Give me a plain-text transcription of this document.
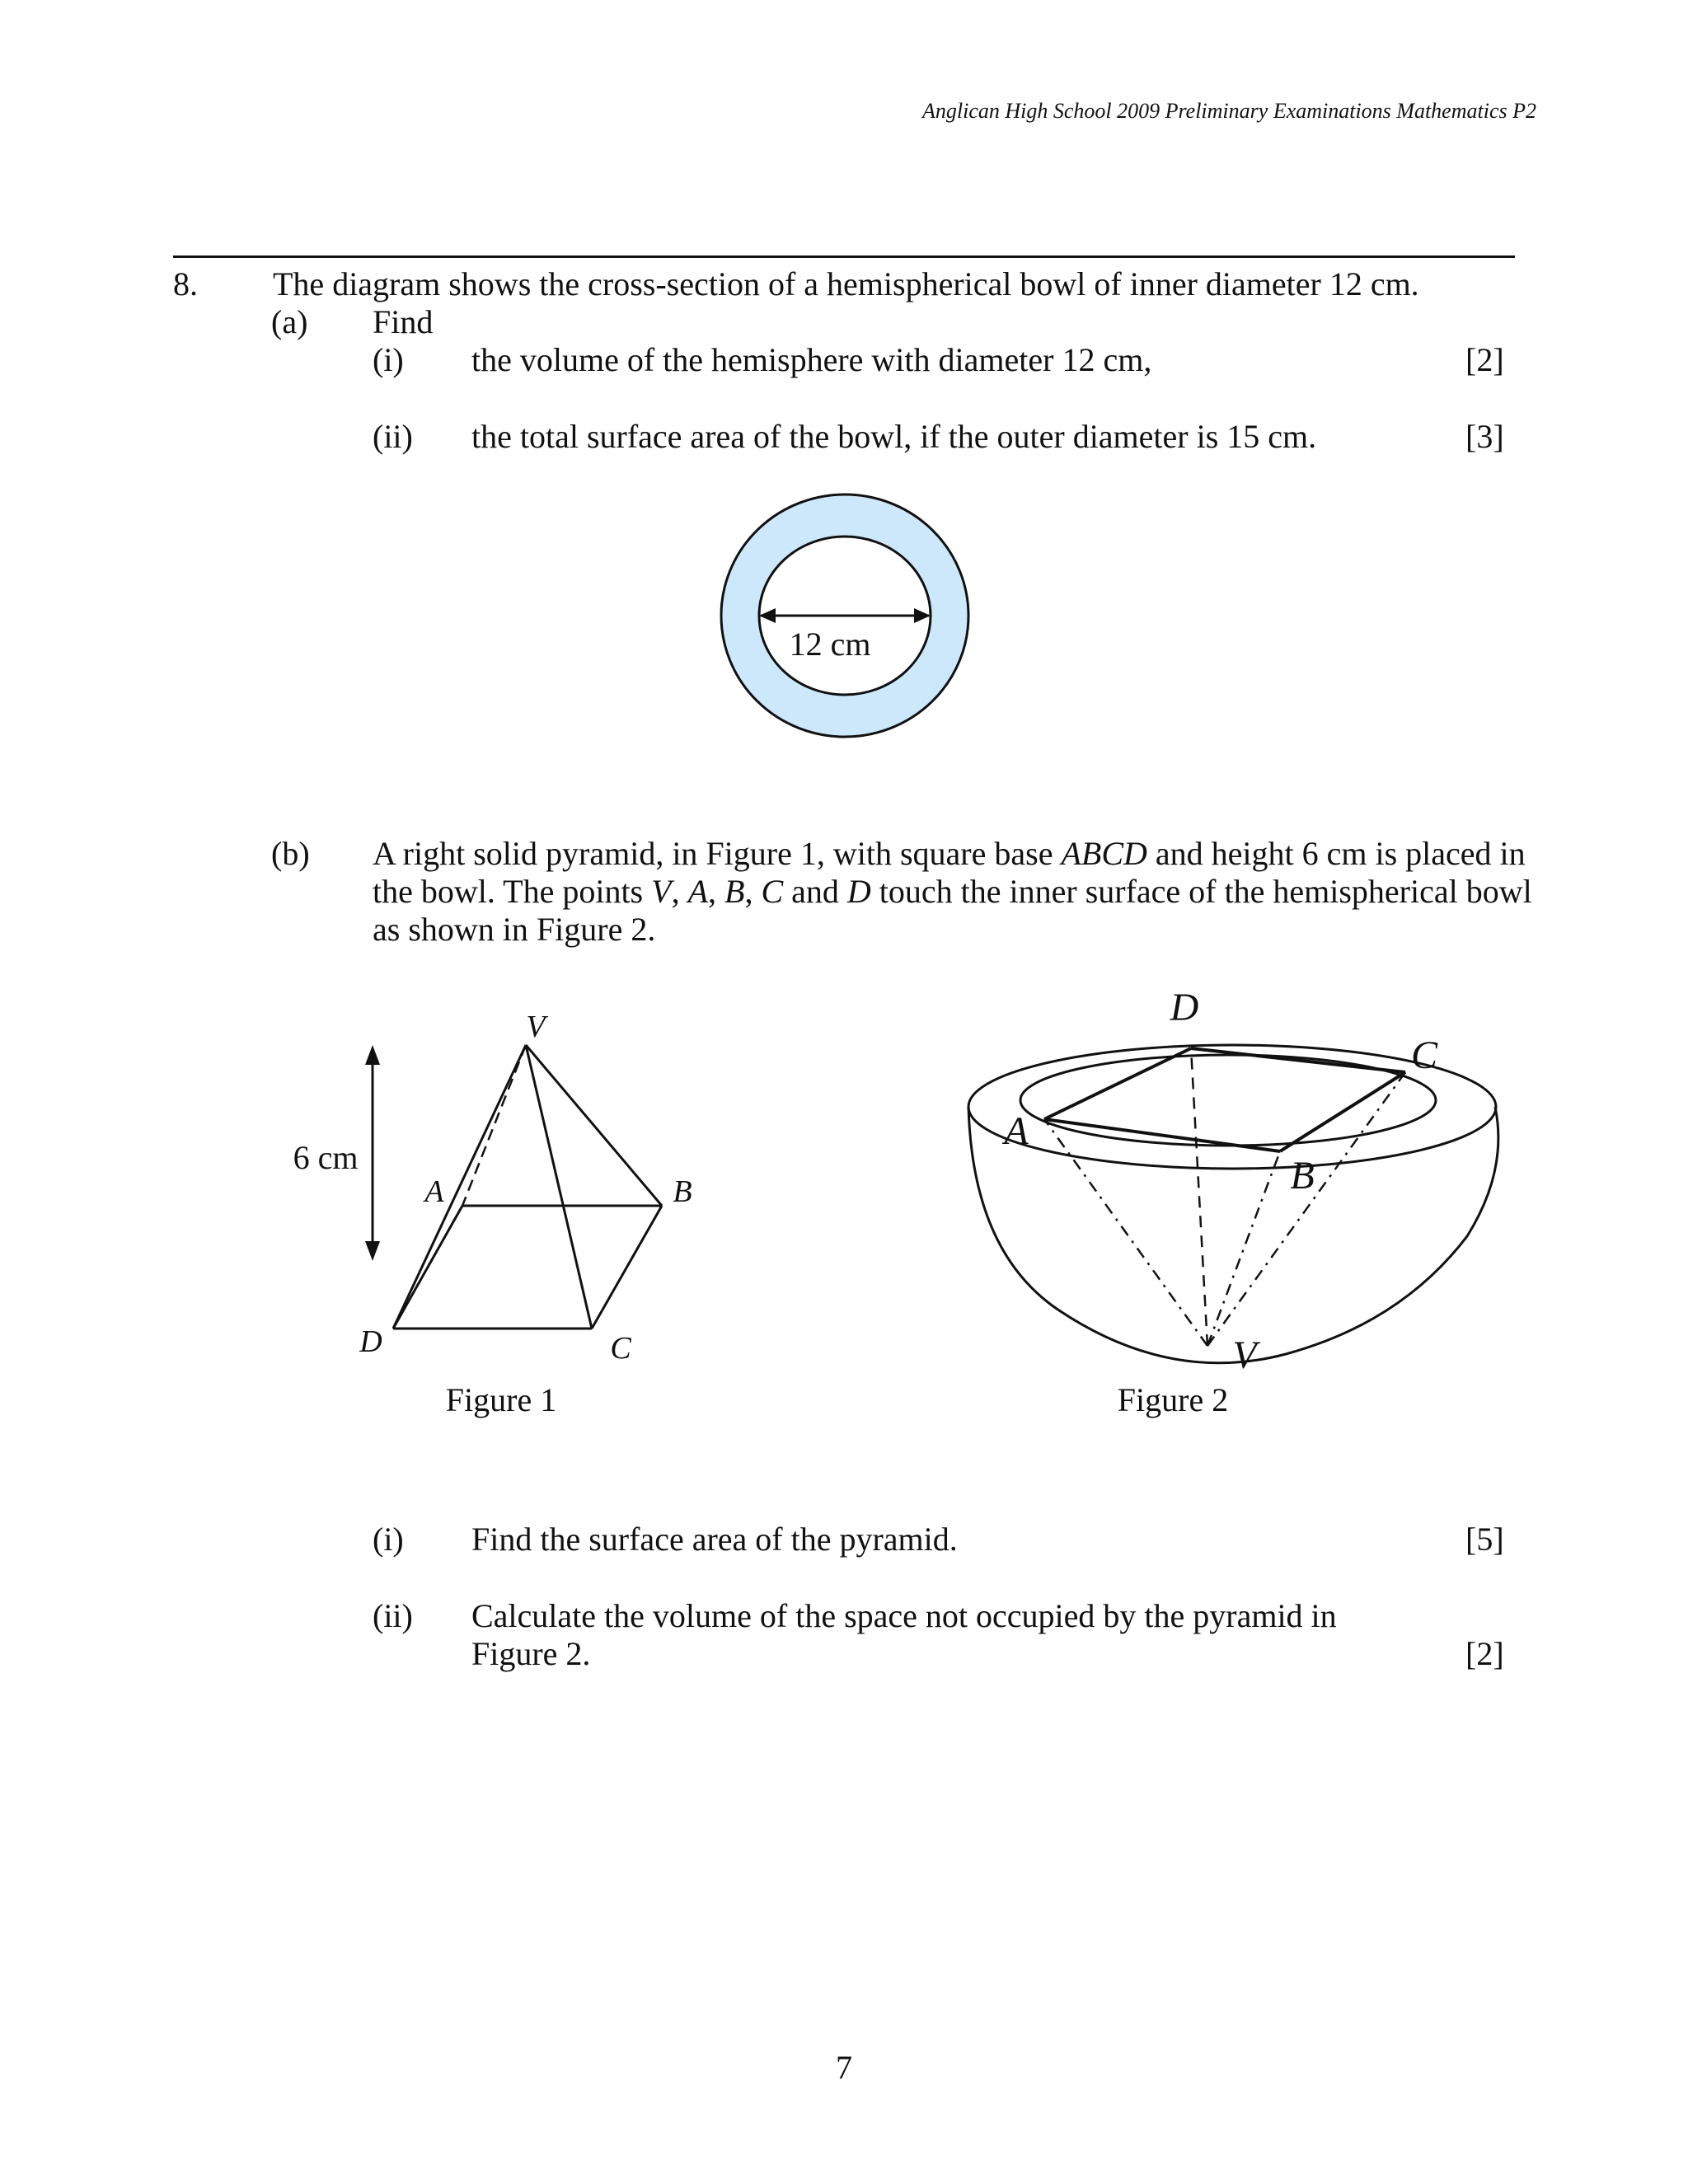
Anglican High School 2009 Preliminary Examinations Mathematics P2
8. The diagram shows the cross-section of a hemispherical bowl of inner diameter 12 cm.
(a) Find
(i) the volume of the hemisphere with diameter 12 cm,	[2]
(ii) the total surface area of the bowl, if the outer diameter is 15 cm.	[3]
12 cm
(b) A right solid pyramid, in Figure 1, with square base ABCD and height 6 cm is placed in
the bowl. The points V, A, B, C and D touch the inner surface of the hemispherical bowl
as shown in Figure 2.
6 cm
V
A	B
C
D
Figure 1
D
C
A
B
V
Figure 2
(i) Find the surface area of the pyramid.	[5]
(ii) Calculate the volume of the space not occupied by the pyramid in
Figure 2.	[2]
7
